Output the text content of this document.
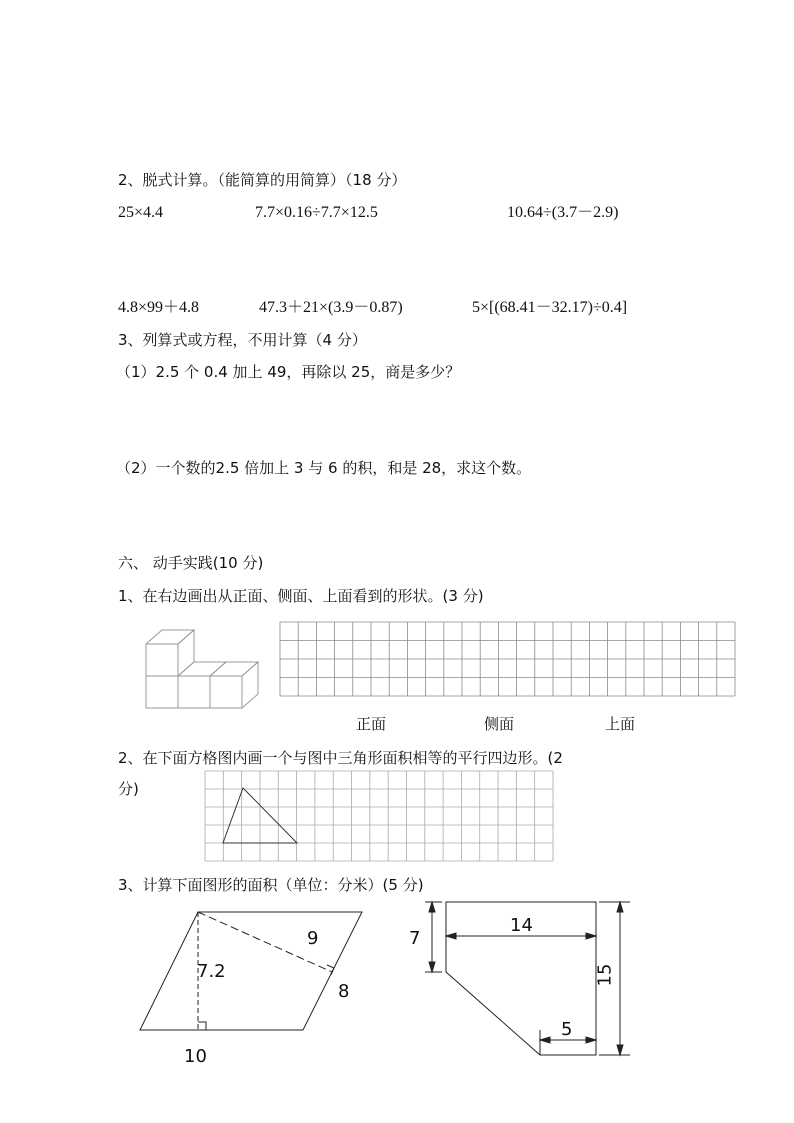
2、脱式计算。（能简算的用简算）（18 分）
25×4.4	7.7×0.16÷7.7×12.5	10.64÷(3.7－2.9)
4.8×99＋4.8	47.3＋21×(3.9－0.87)	5×[(68.41－32.17)÷0.4]
3、列算式或方程，不用计算（4 分）
（1）2.5 个 0.4 加上 49，再除以 25，商是多少？
（2）一个数的2.5 倍加上 3 与 6 的积，和是 28，求这个数。
六、 动手实践(10 分)
1、在右边画出从正面、侧面、上面看到的形状。(3 分)
正面	侧面	上面
2、在下面方格图内画一个与图中三角形面积相等的平行四边形。(2
分)
3、计算下面图形的面积（单位：分米）(5 分)
7.2
10
8
9
14
7
15
5
